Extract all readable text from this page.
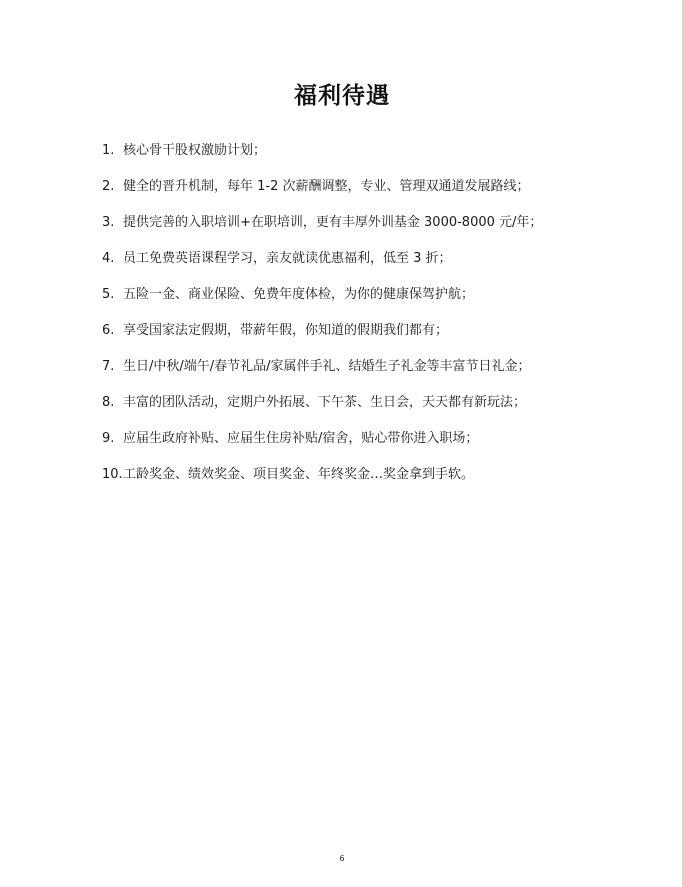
福利待遇
1. 核心骨干股权激励计划；
2. 健全的晋升机制，每年 1-2 次薪酬调整，专业、管理双通道发展路线；
3. 提供完善的入职培训+在职培训，更有丰厚外训基金 3000-8000 元/年；
4. 员工免费英语课程学习，亲友就读优惠福利，低至 3 折；
5. 五险一金、商业保险、免费年度体检，为你的健康保驾护航；
6. 享受国家法定假期，带薪年假，你知道的假期我们都有；
7. 生日/中秋/端午/春节礼品/家属伴手礼、结婚生子礼金等丰富节日礼金；
8. 丰富的团队活动，定期户外拓展、下午茶、生日会，天天都有新玩法；
9. 应届生政府补贴、应届生住房补贴/宿舍，贴心带你进入职场；
10. 工龄奖金、绩效奖金、项目奖金、年终奖金…奖金拿到手软。
6
